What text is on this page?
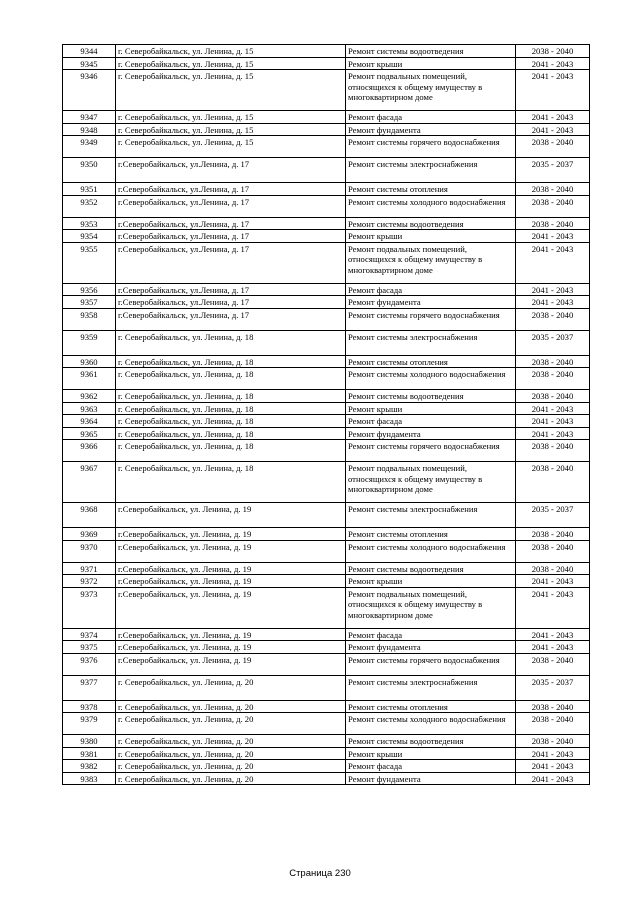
9344	г. Северобайкальск, ул. Ленина, д. 15	Ремонт системы водоотведения	2038 - 2040
9345	г. Северобайкальск, ул. Ленина, д. 15	Ремонт крыши	2041 - 2043
9346	г. Северобайкальск, ул. Ленина, д. 15	Ремонт подвальных помещений, относящихся к общему имуществу в многоквартирном доме	2041 - 2043
9347	г. Северобайкальск, ул. Ленина, д. 15	Ремонт фасада	2041 - 2043
9348	г. Северобайкальск, ул. Ленина, д. 15	Ремонт фундамента	2041 - 2043
9349	г. Северобайкальск, ул. Ленина, д. 15	Ремонт системы горячего водоснабжения	2038 - 2040
9350	г.Северобайкальск, ул.Ленина, д. 17	Ремонт системы электроснабжения	2035 - 2037
9351	г.Северобайкальск, ул.Ленина, д. 17	Ремонт системы отопления	2038 - 2040
9352	г.Северобайкальск, ул.Ленина, д. 17	Ремонт системы холодного водоснабжения	2038 - 2040
9353	г.Северобайкальск, ул.Ленина, д. 17	Ремонт системы водоотведения	2038 - 2040
9354	г.Северобайкальск, ул.Ленина, д. 17	Ремонт крыши	2041 - 2043
9355	г.Северобайкальск, ул.Ленина, д. 17	Ремонт подвальных помещений, относящихся к общему имуществу в многоквартирном доме	2041 - 2043
9356	г.Северобайкальск, ул.Ленина, д. 17	Ремонт фасада	2041 - 2043
9357	г.Северобайкальск, ул.Ленина, д. 17	Ремонт фундамента	2041 - 2043
9358	г.Северобайкальск, ул.Ленина, д. 17	Ремонт системы горячего водоснабжения	2038 - 2040
9359	г. Северобайкальск, ул. Ленина, д. 18	Ремонт системы электроснабжения	2035 - 2037
9360	г. Северобайкальск, ул. Ленина, д. 18	Ремонт системы отопления	2038 - 2040
9361	г. Северобайкальск, ул. Ленина, д. 18	Ремонт системы холодного водоснабжения	2038 - 2040
9362	г. Северобайкальск, ул. Ленина, д. 18	Ремонт системы водоотведения	2038 - 2040
9363	г. Северобайкальск, ул. Ленина, д. 18	Ремонт крыши	2041 - 2043
9364	г. Северобайкальск, ул. Ленина, д. 18	Ремонт фасада	2041 - 2043
9365	г. Северобайкальск, ул. Ленина, д. 18	Ремонт фундамента	2041 - 2043
9366	г. Северобайкальск, ул. Ленина, д. 18	Ремонт системы горячего водоснабжения	2038 - 2040
9367	г. Северобайкальск, ул. Ленина, д. 18	Ремонт подвальных помещений, относящихся к общему имуществу в многоквартирном доме	2038 - 2040
9368	г.Северобайкальск, ул. Ленина, д. 19	Ремонт системы электроснабжения	2035 - 2037
9369	г.Северобайкальск, ул. Ленина, д. 19	Ремонт системы отопления	2038 - 2040
9370	г.Северобайкальск, ул. Ленина, д. 19	Ремонт системы холодного водоснабжения	2038 - 2040
9371	г.Северобайкальск, ул. Ленина, д. 19	Ремонт системы водоотведения	2038 - 2040
9372	г.Северобайкальск, ул. Ленина, д. 19	Ремонт крыши	2041 - 2043
9373	г.Северобайкальск, ул. Ленина, д. 19	Ремонт подвальных помещений, относящихся к общему имуществу в многоквартирном доме	2041 - 2043
9374	г.Северобайкальск, ул. Ленина, д. 19	Ремонт фасада	2041 - 2043
9375	г.Северобайкальск, ул. Ленина, д. 19	Ремонт фундамента	2041 - 2043
9376	г.Северобайкальск, ул. Ленина, д. 19	Ремонт системы горячего водоснабжения	2038 - 2040
9377	г. Северобайкальск, ул. Ленина, д. 20	Ремонт системы электроснабжения	2035 - 2037
9378	г. Северобайкальск, ул. Ленина, д. 20	Ремонт системы отопления	2038 - 2040
9379	г. Северобайкальск, ул. Ленина, д. 20	Ремонт системы холодного водоснабжения	2038 - 2040
9380	г. Северобайкальск, ул. Ленина, д. 20	Ремонт системы водоотведения	2038 - 2040
9381	г. Северобайкальск, ул. Ленина, д. 20	Ремонт крыши	2041 - 2043
9382	г. Северобайкальск, ул. Ленина, д. 20	Ремонт фасада	2041 - 2043
9383	г. Северобайкальск, ул. Ленина, д. 20	Ремонт фундамента	2041 - 2043
Страница 230
